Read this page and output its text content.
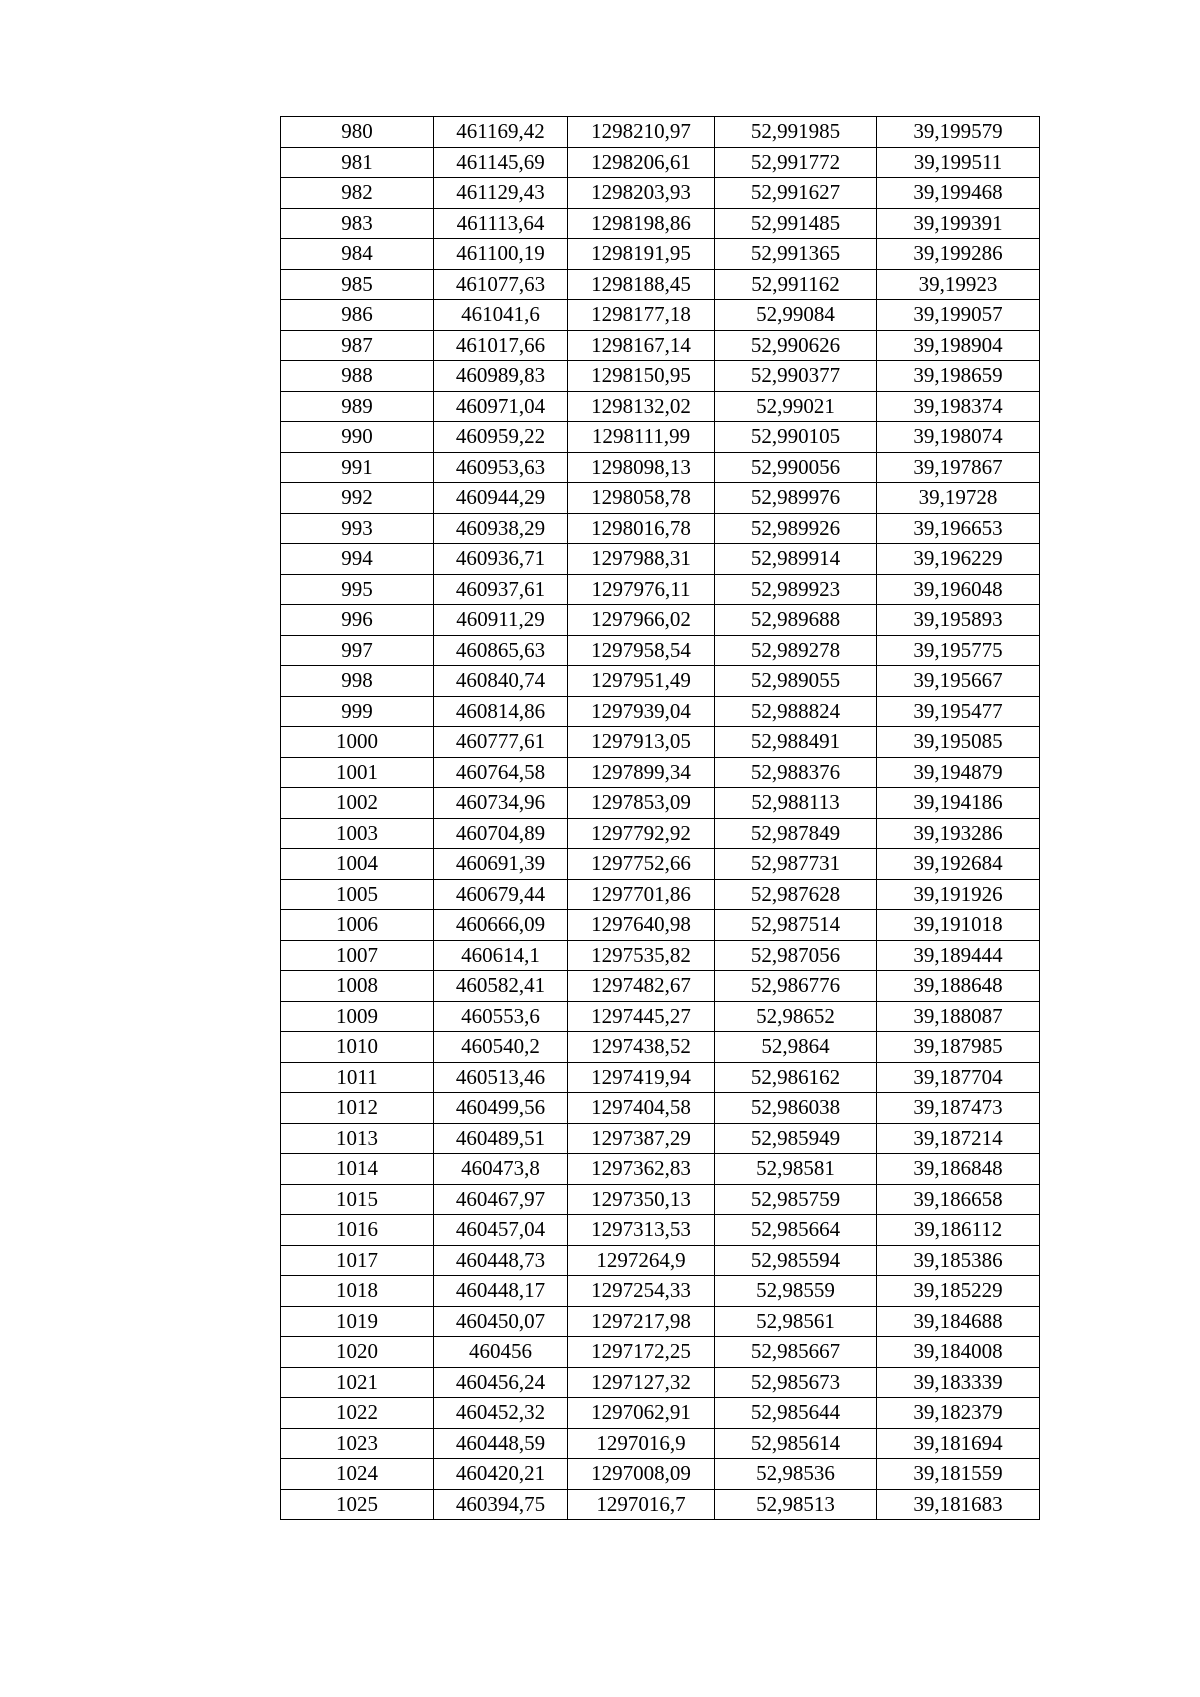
980	461169,42	1298210,97	52,991985	39,199579
981	461145,69	1298206,61	52,991772	39,199511
982	461129,43	1298203,93	52,991627	39,199468
983	461113,64	1298198,86	52,991485	39,199391
984	461100,19	1298191,95	52,991365	39,199286
985	461077,63	1298188,45	52,991162	39,19923
986	461041,6	1298177,18	52,99084	39,199057
987	461017,66	1298167,14	52,990626	39,198904
988	460989,83	1298150,95	52,990377	39,198659
989	460971,04	1298132,02	52,99021	39,198374
990	460959,22	1298111,99	52,990105	39,198074
991	460953,63	1298098,13	52,990056	39,197867
992	460944,29	1298058,78	52,989976	39,19728
993	460938,29	1298016,78	52,989926	39,196653
994	460936,71	1297988,31	52,989914	39,196229
995	460937,61	1297976,11	52,989923	39,196048
996	460911,29	1297966,02	52,989688	39,195893
997	460865,63	1297958,54	52,989278	39,195775
998	460840,74	1297951,49	52,989055	39,195667
999	460814,86	1297939,04	52,988824	39,195477
1000	460777,61	1297913,05	52,988491	39,195085
1001	460764,58	1297899,34	52,988376	39,194879
1002	460734,96	1297853,09	52,988113	39,194186
1003	460704,89	1297792,92	52,987849	39,193286
1004	460691,39	1297752,66	52,987731	39,192684
1005	460679,44	1297701,86	52,987628	39,191926
1006	460666,09	1297640,98	52,987514	39,191018
1007	460614,1	1297535,82	52,987056	39,189444
1008	460582,41	1297482,67	52,986776	39,188648
1009	460553,6	1297445,27	52,98652	39,188087
1010	460540,2	1297438,52	52,9864	39,187985
1011	460513,46	1297419,94	52,986162	39,187704
1012	460499,56	1297404,58	52,986038	39,187473
1013	460489,51	1297387,29	52,985949	39,187214
1014	460473,8	1297362,83	52,98581	39,186848
1015	460467,97	1297350,13	52,985759	39,186658
1016	460457,04	1297313,53	52,985664	39,186112
1017	460448,73	1297264,9	52,985594	39,185386
1018	460448,17	1297254,33	52,98559	39,185229
1019	460450,07	1297217,98	52,98561	39,184688
1020	460456	1297172,25	52,985667	39,184008
1021	460456,24	1297127,32	52,985673	39,183339
1022	460452,32	1297062,91	52,985644	39,182379
1023	460448,59	1297016,9	52,985614	39,181694
1024	460420,21	1297008,09	52,98536	39,181559
1025	460394,75	1297016,7	52,98513	39,181683
